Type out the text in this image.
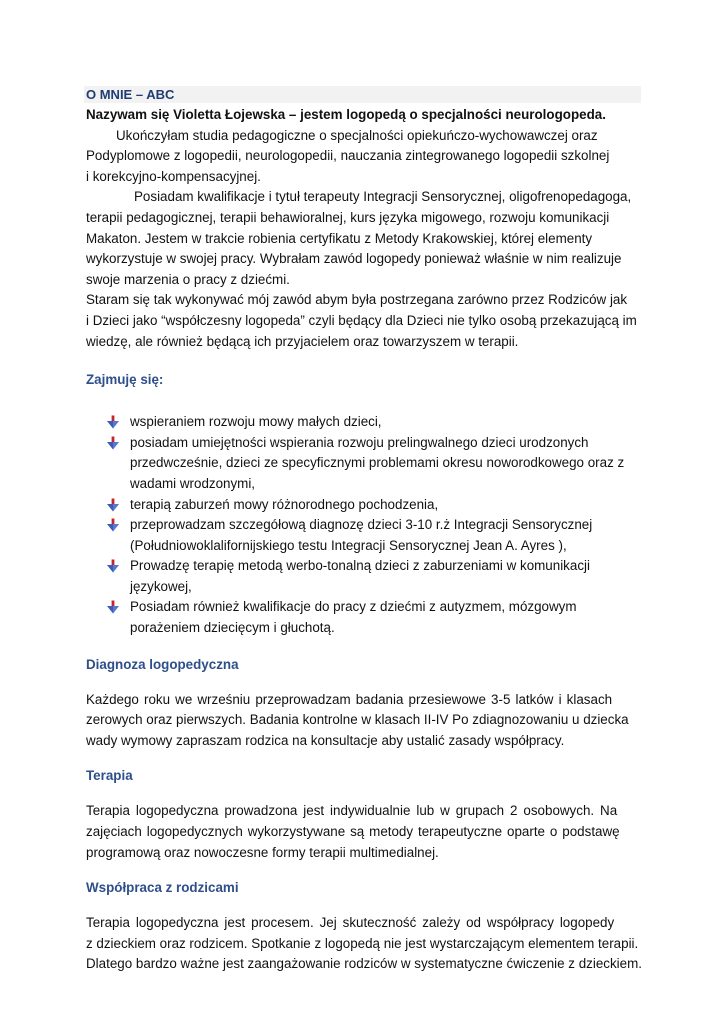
O MNIE – ABC

Nazywam się Violetta Łojewska – jestem logopedą o specjalności neurologopeda.

Ukończyłam studia pedagogiczne o specjalności opiekuńczo-wychowawczej oraz

Podyplomowe z logopedii, neurologopedii, nauczania zintegrowanego logopedii szkolnej

i korekcyjno-kompensacyjnej.

Posiadam kwalifikacje i tytuł terapeuty Integracji Sensorycznej, oligofrenopedagoga,

terapii pedagogicznej, terapii behawioralnej, kurs języka migowego, rozwoju komunikacji

Makaton. Jestem w trakcie robienia certyfikatu z Metody Krakowskiej, której elementy

wykorzystuje w swojej pracy. Wybrałam zawód logopedy ponieważ właśnie w nim realizuje

swoje marzenia o pracy z dziećmi.

Staram się tak wykonywać mój zawód abym była postrzegana zarówno przez Rodziców jak

i Dzieci jako “współczesny logopeda” czyli będący dla Dzieci nie tylko osobą przekazującą im

wiedzę, ale również będącą ich przyjacielem oraz towarzyszem w terapii.

Zajmuję się:

wspieraniem rozwoju mowy małych dzieci,
posiadam umiejętności wspierania rozwoju prelingwalnego dzieci urodzonych
przedwcześnie, dzieci ze specyficznymi problemami okresu noworodkowego oraz z
wadami wrodzonymi,
terapią zaburzeń mowy różnorodnego pochodzenia,
przeprowadzam szczegółową diagnozę dzieci 3-10 r.ż Integracji Sensorycznej
(Południowoklalifornijskiego testu Integracji Sensorycznej Jean A. Ayres ),
Prowadzę terapię metodą werbo-tonalną dzieci z zaburzeniami w komunikacji
językowej,
Posiadam również kwalifikacje do pracy z dziećmi z autyzmem, mózgowym
porażeniem dziecięcym i głuchotą.

Diagnoza logopedyczna

Każdego roku we wrześniu przeprowadzam badania przesiewowe 3-5 latków i klasach

zerowych oraz pierwszych. Badania kontrolne w klasach II-IV Po zdiagnozowaniu u dziecka

wady wymowy zapraszam rodzica na konsultacje aby ustalić zasady współpracy.

Terapia

Terapia logopedyczna prowadzona jest indywidualnie lub w grupach 2 osobowych. Na

zajęciach logopedycznych wykorzystywane są metody terapeutyczne oparte o podstawę

programową oraz nowoczesne formy terapii multimedialnej.

Współpraca z rodzicami

Terapia logopedyczna jest procesem. Jej skuteczność zależy od współpracy logopedy

z dzieckiem oraz rodzicem. Spotkanie z logopedą nie jest wystarczającym elementem terapii.

Dlatego bardzo ważne jest zaangażowanie rodziców w systematyczne ćwiczenie z dzieckiem.
